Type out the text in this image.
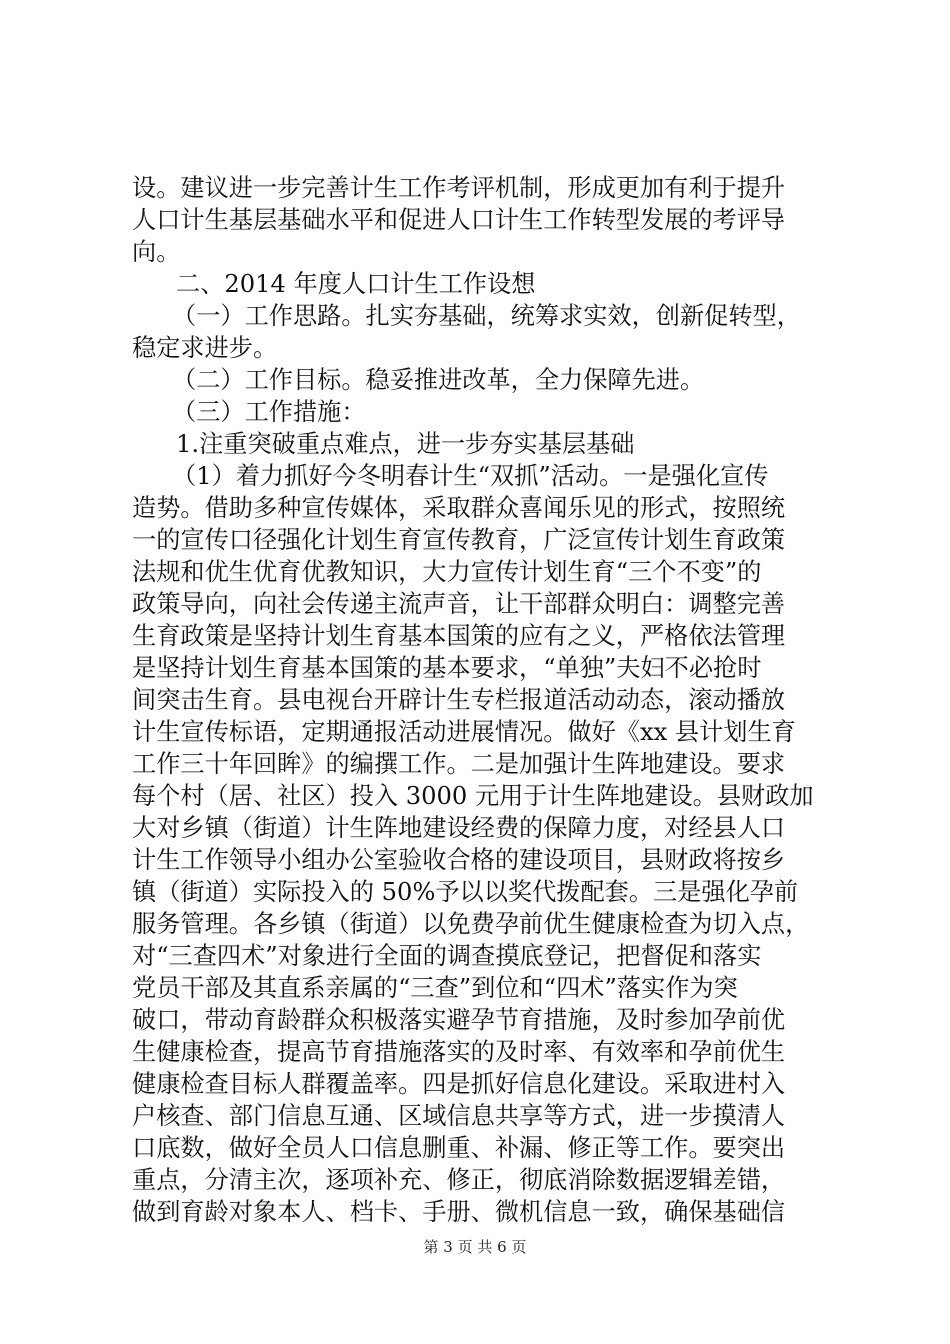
设。建议进一步完善计生工作考评机制，形成更加有利于提升
人口计生基层基础水平和促进人口计生工作转型发展的考评导
向。
二、2014 年度人口计生工作设想
（一）工作思路。扎实夯基础，统筹求实效，创新促转型，
稳定求进步。
（二）工作目标。稳妥推进改革，全力保障先进。
（三）工作措施：
1.注重突破重点难点，进一步夯实基层基础
（1）着力抓好今冬明春计生“双抓”活动。一是强化宣传
造势。借助多种宣传媒体，采取群众喜闻乐见的形式，按照统
一的宣传口径强化计划生育宣传教育，广泛宣传计划生育政策
法规和优生优育优教知识，大力宣传计划生育“三个不变”的
政策导向，向社会传递主流声音，让干部群众明白：调整完善
生育政策是坚持计划生育基本国策的应有之义，严格依法管理
是坚持计划生育基本国策的基本要求，“单独”夫妇不必抢时
间突击生育。县电视台开辟计生专栏报道活动动态，滚动播放
计生宣传标语，定期通报活动进展情况。做好《xx 县计划生育
工作三十年回眸》的编撰工作。二是加强计生阵地建设。要求
每个村（居、社区）投入 3000 元用于计生阵地建设。县财政加
大对乡镇（街道）计生阵地建设经费的保障力度，对经县人口
计生工作领导小组办公室验收合格的建设项目，县财政将按乡
镇（街道）实际投入的 50%予以以奖代拨配套。三是强化孕前
服务管理。各乡镇（街道）以免费孕前优生健康检查为切入点，
对“三查四术”对象进行全面的调查摸底登记，把督促和落实
党员干部及其直系亲属的“三查”到位和“四术”落实作为突
破口，带动育龄群众积极落实避孕节育措施，及时参加孕前优
生健康检查，提高节育措施落实的及时率、有效率和孕前优生
健康检查目标人群覆盖率。四是抓好信息化建设。采取进村入
户核查、部门信息互通、区域信息共享等方式，进一步摸清人
口底数，做好全员人口信息删重、补漏、修正等工作。要突出
重点，分清主次，逐项补充、修正，彻底消除数据逻辑差错，
做到育龄对象本人、档卡、手册、微机信息一致，确保基础信
第 3 页 共 6 页
